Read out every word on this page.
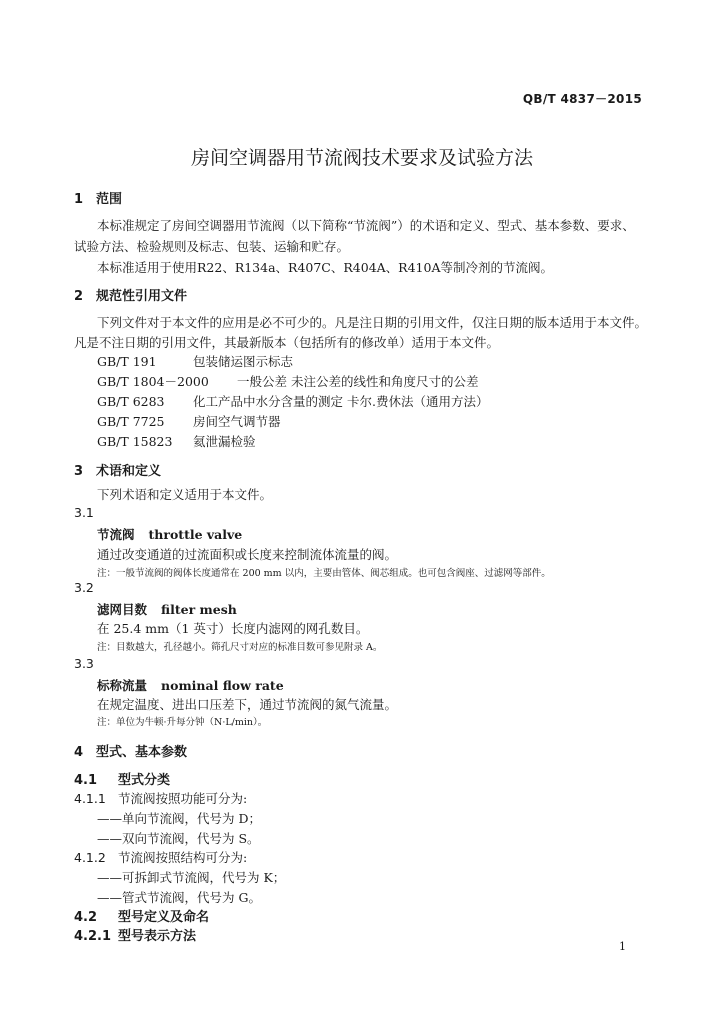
QB/T 4837－2015
房间空调器用节流阀技术要求及试验方法
1 范围
本标准规定了房间空调器用节流阀（以下简称“节流阀”）的术语和定义、型式、基本参数、要求、
试验方法、检验规则及标志、包装、运输和贮存。
本标准适用于使用R22、R134a、R407C、R404A、R410A等制冷剂的节流阀。
2 规范性引用文件
下列文件对于本文件的应用是必不可少的。凡是注日期的引用文件，仅注日期的版本适用于本文件。
凡是不注日期的引用文件，其最新版本（包括所有的修改单）适用于本文件。
GB/T 191	包装储运图示标志
GB/T 1804－2000 一般公差 未注公差的线性和角度尺寸的公差
GB/T 6283 化工产品中水分含量的测定 卡尔.费休法（通用方法）
GB/T 7725 房间空气调节器
GB/T 15823 氦泄漏检验
3 术语和定义
下列术语和定义适用于本文件。
3.1
节流阀 throttle valve
通过改变通道的过流面积或长度来控制流体流量的阀。
注：一般节流阀的阀体长度通常在 200 mm 以内，主要由管体、阀芯组成。也可包含阀座、过滤网等部件。
3.2
滤网目数 filter mesh
在 25.4 mm（1 英寸）长度内滤网的网孔数目。
注：目数越大，孔径越小。筛孔尺寸对应的标准目数可参见附录 A。
3.3
标称流量 nominal flow rate
在规定温度、进出口压差下，通过节流阀的氮气流量。
注：单位为牛顿·升每分钟（N·L/min）。
4 型式、基本参数
4.1 型式分类
4.1.1 节流阀按照功能可分为:
——单向节流阀，代号为 D；
——双向节流阀，代号为 S。
4.1.2 节流阀按照结构可分为:
——可拆卸式节流阀，代号为 K；
——管式节流阀，代号为 G。
4.2 型号定义及命名
4.2.1 型号表示方法
1
